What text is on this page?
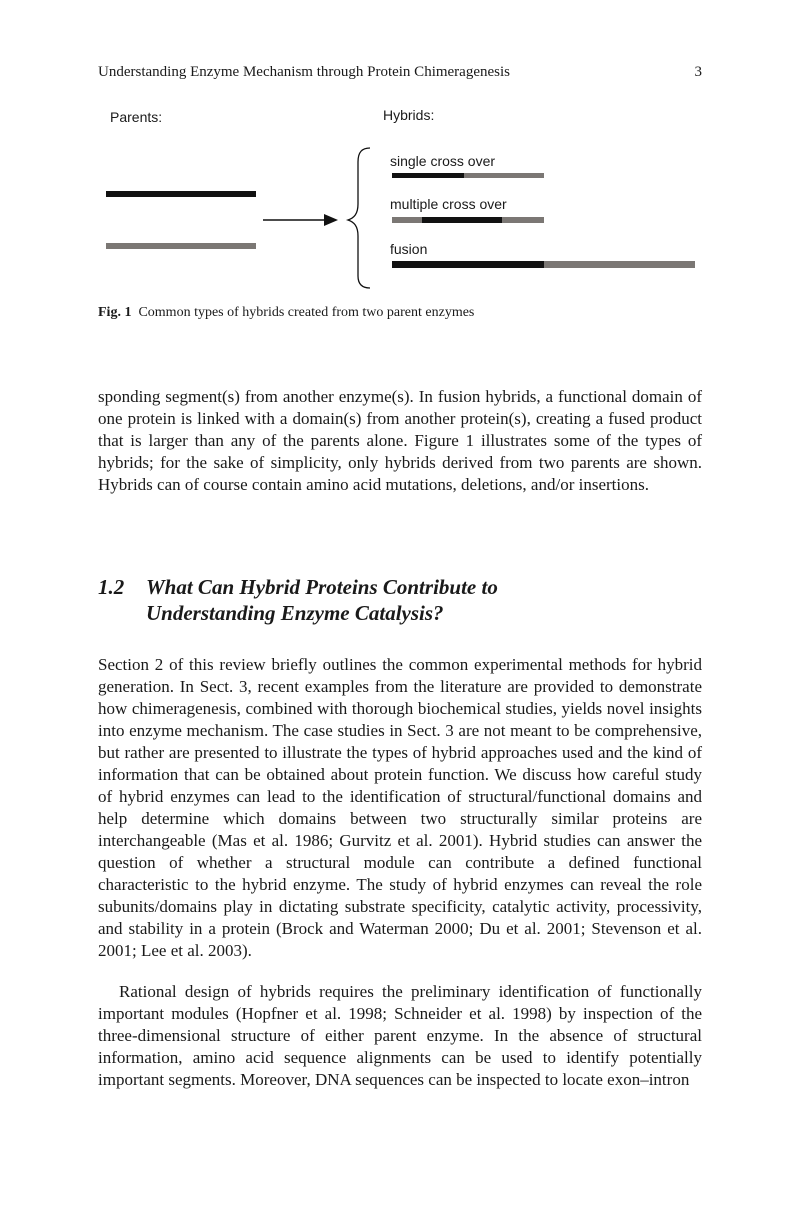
Understanding Enzyme Mechanism through Protein Chimeragenesis	3
Parents:	Hybrids:
single cross over
multiple cross over
fusion
Fig. 1 Common types of hybrids created from two parent enzymes

sponding segment(s) from another enzyme(s). In fusion hybrids, a functional domain of one protein is linked with a domain(s) from another protein(s), creating a fused product that is larger than any of the parents alone. Figure 1 illustrates some of the types of hybrids; for the sake of simplicity, only hybrids derived from two parents are shown. Hybrids can of course contain amino acid mutations, deletions, and/or insertions.

1.2	What Can Hybrid Proteins Contribute to Understanding Enzyme Catalysis?

Section 2 of this review briefly outlines the common experimental methods for hybrid generation. In Sect. 3, recent examples from the literature are provided to demonstrate how chimeragenesis, combined with thorough biochemical studies, yields novel insights into enzyme mechanism. The case studies in Sect. 3 are not meant to be comprehensive, but rather are presented to illustrate the types of hybrid approaches used and the kind of information that can be obtained about protein function. We discuss how careful study of hybrid enzymes can lead to the identification of structural/functional domains and help determine which domains between two structurally similar proteins are interchangeable (Mas et al. 1986; Gurvitz et al. 2001). Hybrid studies can answer the question of whether a structural module can contribute a defined functional characteristic to the hybrid enzyme. The study of hybrid enzymes can reveal the role subunits/domains play in dictating substrate specificity, catalytic activity, processivity, and stability in a protein (Brock and Waterman 2000; Du et al. 2001; Stevenson et al. 2001; Lee et al. 2003).

Rational design of hybrids requires the preliminary identification of functionally important modules (Hopfner et al. 1998; Schneider et al. 1998) by inspection of the three-dimensional structure of either parent enzyme. In the absence of structural information, amino acid sequence alignments can be used to identify potentially important segments. Moreover, DNA sequences can be inspected to locate exon–intron
